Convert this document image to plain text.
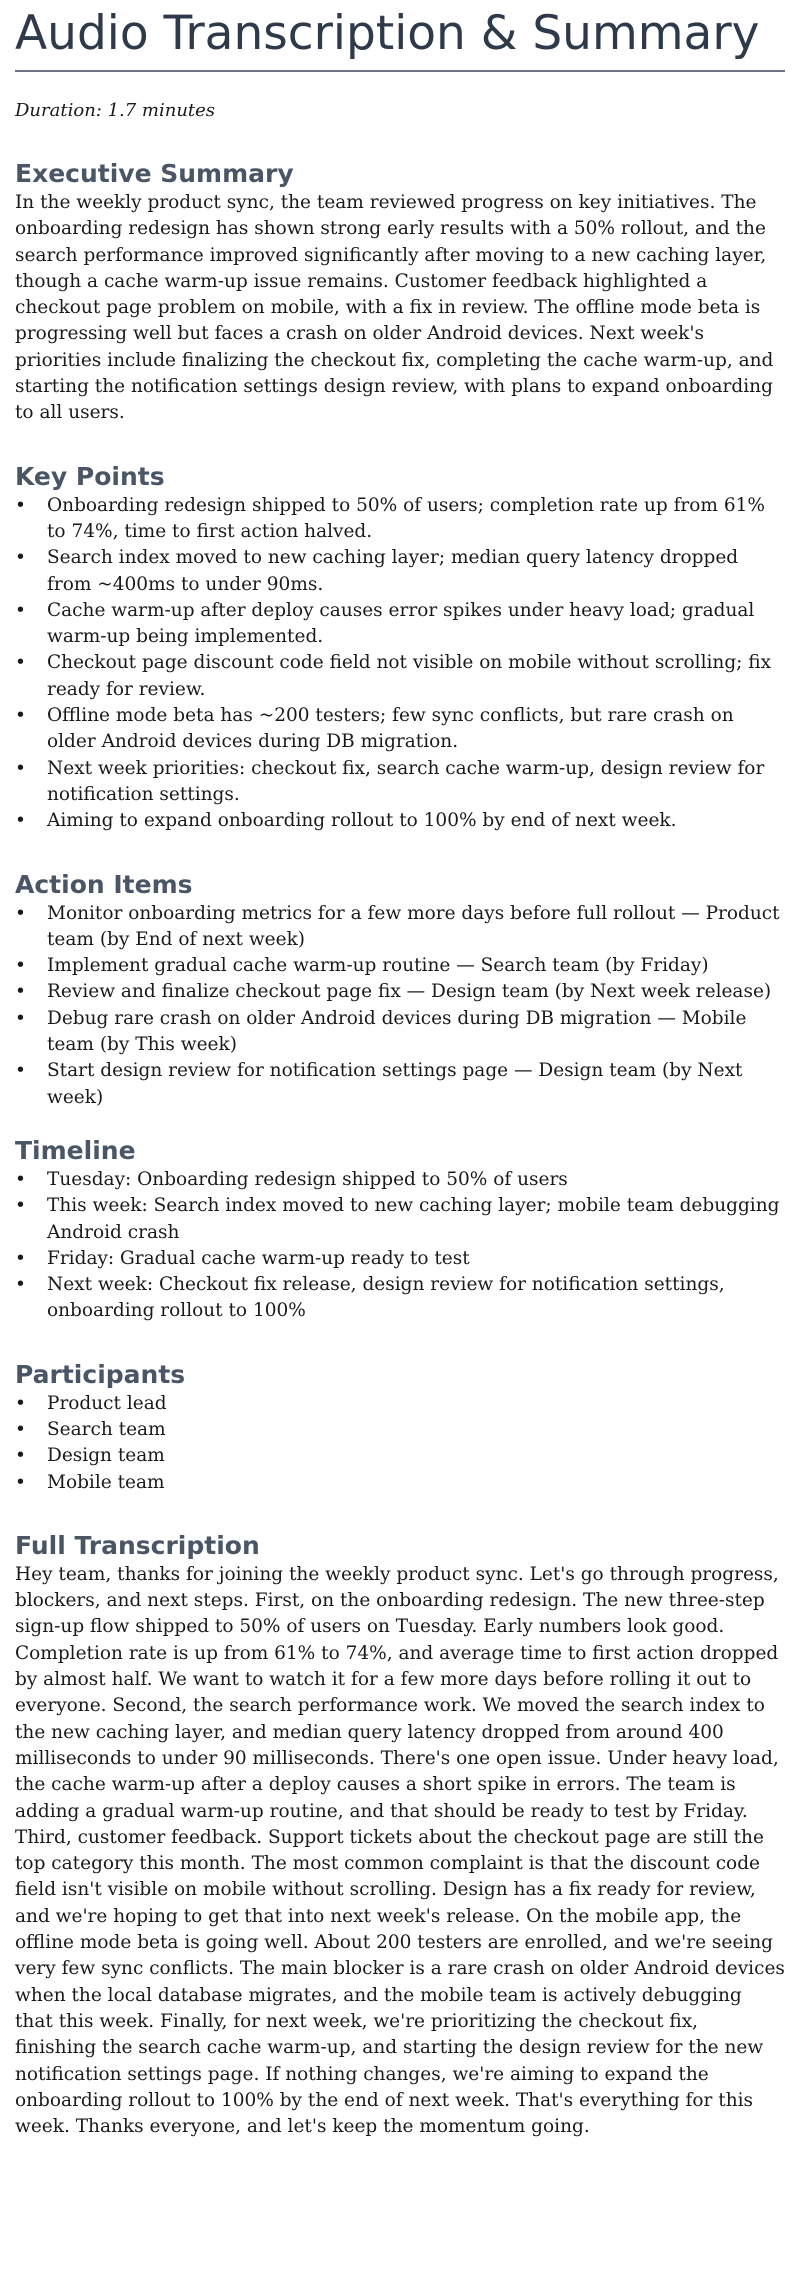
Audio Transcription & Summary

Duration: 1.7 minutes

Executive Summary

In the weekly product sync, the team reviewed progress on key initiatives. The onboarding redesign has shown strong early results with a 50% rollout, and the search performance improved significantly after moving to a new caching layer, though a cache warm-up issue remains. Customer feedback highlighted a checkout page problem on mobile, with a fix in review. The offline mode beta is progressing well but faces a crash on older Android devices. Next week's priorities include finalizing the checkout fix, completing the cache warm-up, and starting the notification settings design review, with plans to expand onboarding to all users.

Key Points
•	Onboarding redesign shipped to 50% of users; completion rate up from 61% to 74%, time to first action halved.
•	Search index moved to new caching layer; median query latency dropped from ~400ms to under 90ms.
•	Cache warm-up after deploy causes error spikes under heavy load; gradual warm-up being implemented.
•	Checkout page discount code field not visible on mobile without scrolling; fix ready for review.
•	Offline mode beta has ~200 testers; few sync conflicts, but rare crash on older Android devices during DB migration.
•	Next week priorities: checkout fix, search cache warm-up, design review for notification settings.
•	Aiming to expand onboarding rollout to 100% by end of next week.
Action Items
•	Monitor onboarding metrics for a few more days before full rollout — Product team (by End of next week)
•	Implement gradual cache warm-up routine — Search team (by Friday)
•	Review and finalize checkout page fix — Design team (by Next week release)
•	Debug rare crash on older Android devices during DB migration — Mobile team (by This week)
•	Start design review for notification settings page — Design team (by Next week)
Timeline
•	Tuesday: Onboarding redesign shipped to 50% of users
•	This week: Search index moved to new caching layer; mobile team debugging Android crash
•	Friday: Gradual cache warm-up ready to test
•	Next week: Checkout fix release, design review for notification settings, onboarding rollout to 100%
Participants
•	Product lead
•	Search team
•	Design team
•	Mobile team
Full Transcription

Hey team, thanks for joining the weekly product sync. Let's go through progress, blockers, and next steps. First, on the onboarding redesign. The new three-step sign-up flow shipped to 50% of users on Tuesday. Early numbers look good. Completion rate is up from 61% to 74%, and average time to first action dropped by almost half. We want to watch it for a few more days before rolling it out to everyone. Second, the search performance work. We moved the search index to the new caching layer, and median query latency dropped from around 400 milliseconds to under 90 milliseconds. There's one open issue. Under heavy load, the cache warm-up after a deploy causes a short spike in errors. The team is adding a gradual warm-up routine, and that should be ready to test by Friday. Third, customer feedback. Support tickets about the checkout page are still the top category this month. The most common complaint is that the discount code field isn't visible on mobile without scrolling. Design has a fix ready for review, and we're hoping to get that into next week's release. On the mobile app, the offline mode beta is going well. About 200 testers are enrolled, and we're seeing very few sync conflicts. The main blocker is a rare crash on older Android devices when the local database migrates, and the mobile team is actively debugging that this week. Finally, for next week, we're prioritizing the checkout fix, finishing the search cache warm-up, and starting the design review for the new notification settings page. If nothing changes, we're aiming to expand the onboarding rollout to 100% by the end of next week. That's everything for this week. Thanks everyone, and let's keep the momentum going.
